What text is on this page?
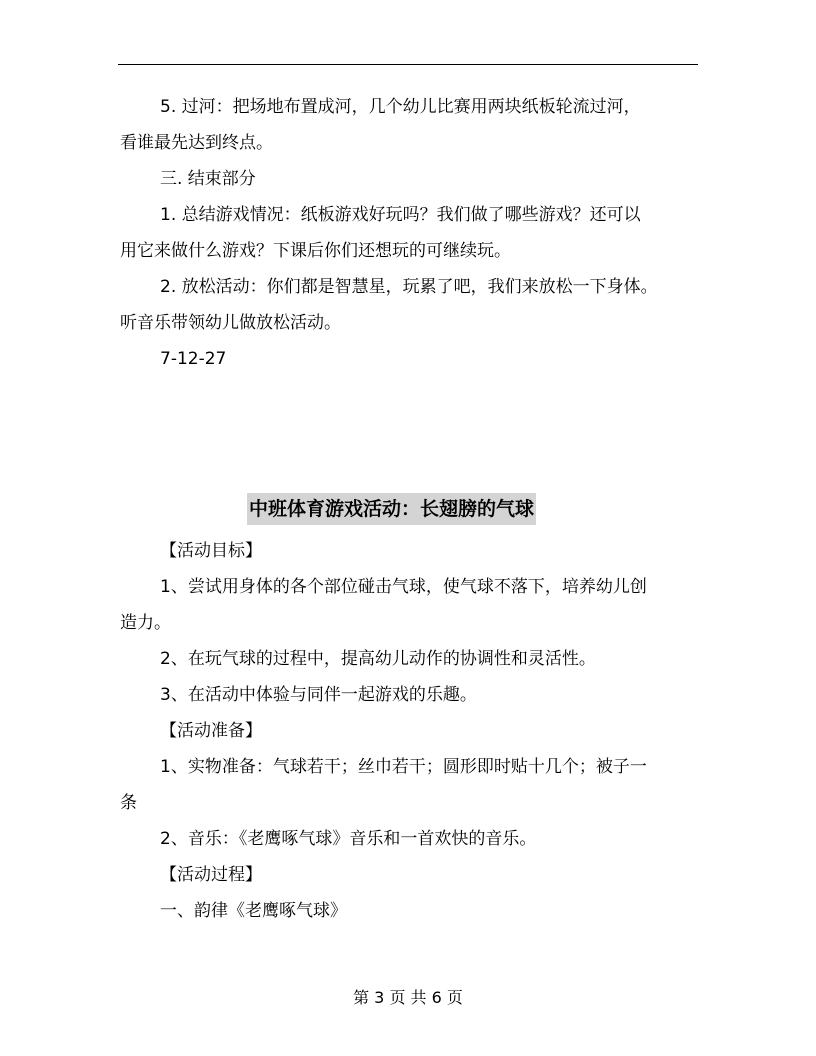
5. 过河：把场地布置成河，几个幼儿比赛用两块纸板轮流过河，
看谁最先达到终点。
三. 结束部分
1. 总结游戏情况：纸板游戏好玩吗？我们做了哪些游戏？还可以
用它来做什么游戏？下课后你们还想玩的可继续玩。
2. 放松活动：你们都是智慧星，玩累了吧，我们来放松一下身体。
听音乐带领幼儿做放松活动。
7-12-27
中班体育游戏活动：长翅膀的气球
【活动目标】
1、尝试用身体的各个部位碰击气球，使气球不落下，培养幼儿创
造力。
2、在玩气球的过程中，提高幼儿动作的协调性和灵活性。
3、在活动中体验与同伴一起游戏的乐趣。
【活动准备】
1、实物准备：气球若干；丝巾若干；圆形即时贴十几个；被子一
条
2、音乐：《老鹰啄气球》音乐和一首欢快的音乐。
【活动过程】
一、韵律《老鹰啄气球》
第 3 页 共 6 页
